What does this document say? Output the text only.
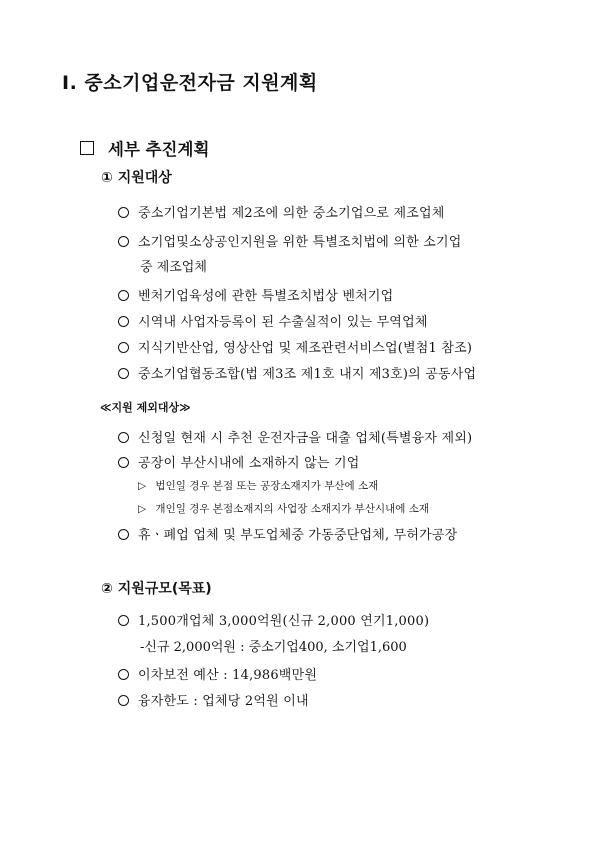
Ⅰ. 중소기업운전자금 지원계획
세부 추진계획
① 지원대상
중소기업기본법 제2조에 의한 중소기업으로 제조업체
소기업및소상공인지원을 위한 특별조치법에 의한 소기업
중 제조업체
벤처기업육성에 관한 특별조치법상 벤처기업
시역내 사업자등록이 된 수출실적이 있는 무역업체
지식기반산업, 영상산업 및 제조관련서비스업(별첨1 참조)
중소기업협동조합(법 제3조 제1호 내지 제3호)의 공동사업
≪지원 제외대상≫
신청일 현재 시 추천 운전자금을 대출 업체(특별융자 제외)
공장이 부산시내에 소재하지 않는 기업
▷ 법인일 경우 본점 또는 공장소재지가 부산에 소재
▷ 개인일 경우 본점소재지의 사업장 소재지가 부산시내에 소재
휴ㆍ폐업 업체 및 부도업체중 가동중단업체, 무허가공장
② 지원규모(목표)
1,500개업체 3,000억원(신규 2,000 연기1,000)
-신규 2,000억원 : 중소기업400, 소기업1,600
이차보전 예산 : 14,986백만원
융자한도 : 업체당 2억원 이내
